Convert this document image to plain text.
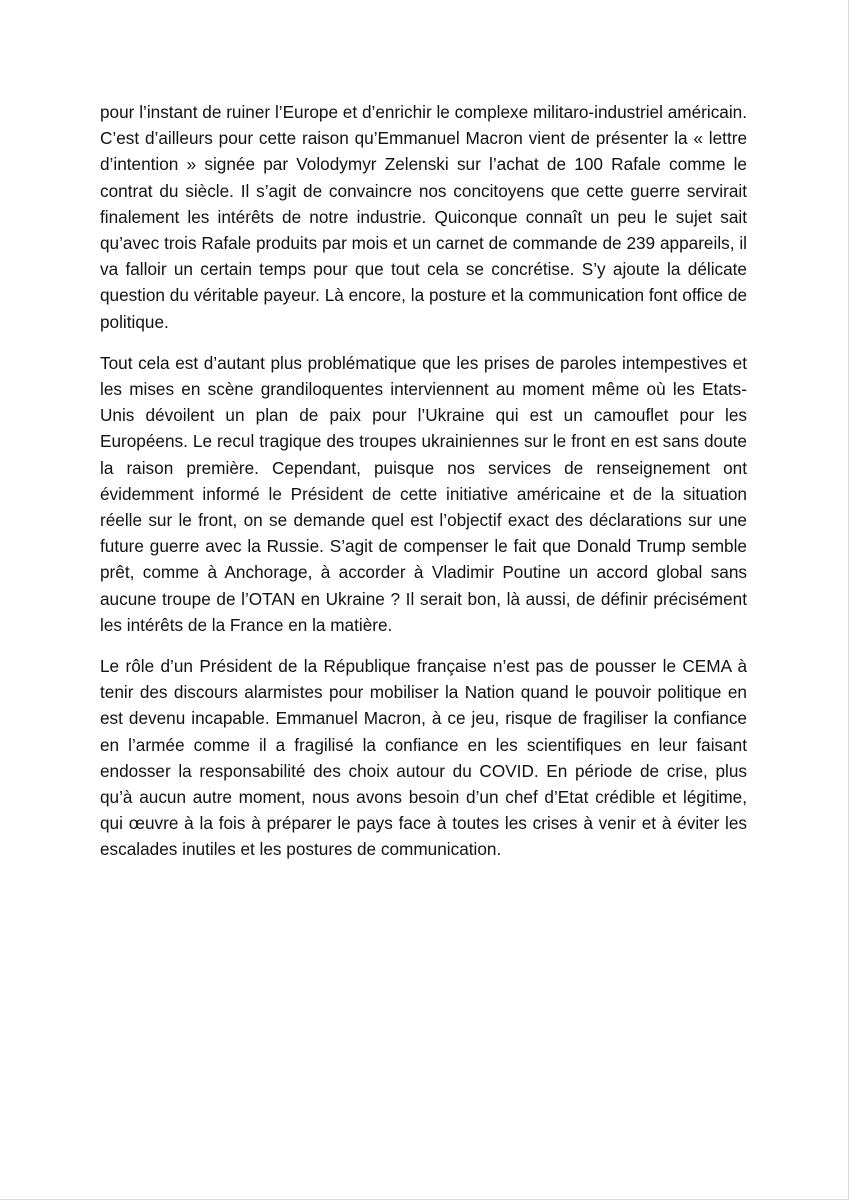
pour l’instant de ruiner l’Europe et d’enrichir le complexe militaro-industriel américain. C’est d’ailleurs pour cette raison qu’Emmanuel Macron vient de présenter la « lettre d’intention » signée par Volodymyr Zelenski sur l’achat de 100 Rafale comme le contrat du siècle. Il s’agit de convaincre nos concitoyens que cette guerre servirait finalement les intérêts de notre industrie. Quiconque connaît un peu le sujet sait qu’avec trois Rafale produits par mois et un carnet de commande de 239 appareils, il va falloir un certain temps pour que tout cela se concrétise. S’y ajoute la délicate question du véritable payeur. Là encore, la posture et la communication font office de politique.

Tout cela est d’autant plus problématique que les prises de paroles intempestives et les mises en scène grandiloquentes interviennent au moment même où les Etats-Unis dévoilent un plan de paix pour l’Ukraine qui est un camouflet pour les Européens. Le recul tragique des troupes ukrainiennes sur le front en est sans doute la raison première. Cependant, puisque nos services de renseignement ont évidemment informé le Président de cette initiative américaine et de la situation réelle sur le front, on se demande quel est l’objectif exact des déclarations sur une future guerre avec la Russie. S’agit de compenser le fait que Donald Trump semble prêt, comme à Anchorage, à accorder à Vladimir Poutine un accord global sans aucune troupe de l’OTAN en Ukraine ? Il serait bon, là aussi, de définir précisément les intérêts de la France en la matière.

Le rôle d’un Président de la République française n’est pas de pousser le CEMA à tenir des discours alarmistes pour mobiliser la Nation quand le pouvoir politique en est devenu incapable. Emmanuel Macron, à ce jeu, risque de fragiliser la confiance en l’armée comme il a fragilisé la confiance en les scientifiques en leur faisant endosser la responsabilité des choix autour du COVID. En période de crise, plus qu’à aucun autre moment, nous avons besoin d’un chef d’Etat crédible et légitime, qui œuvre à la fois à préparer le pays face à toutes les crises à venir et à éviter les escalades inutiles et les postures de communication.
